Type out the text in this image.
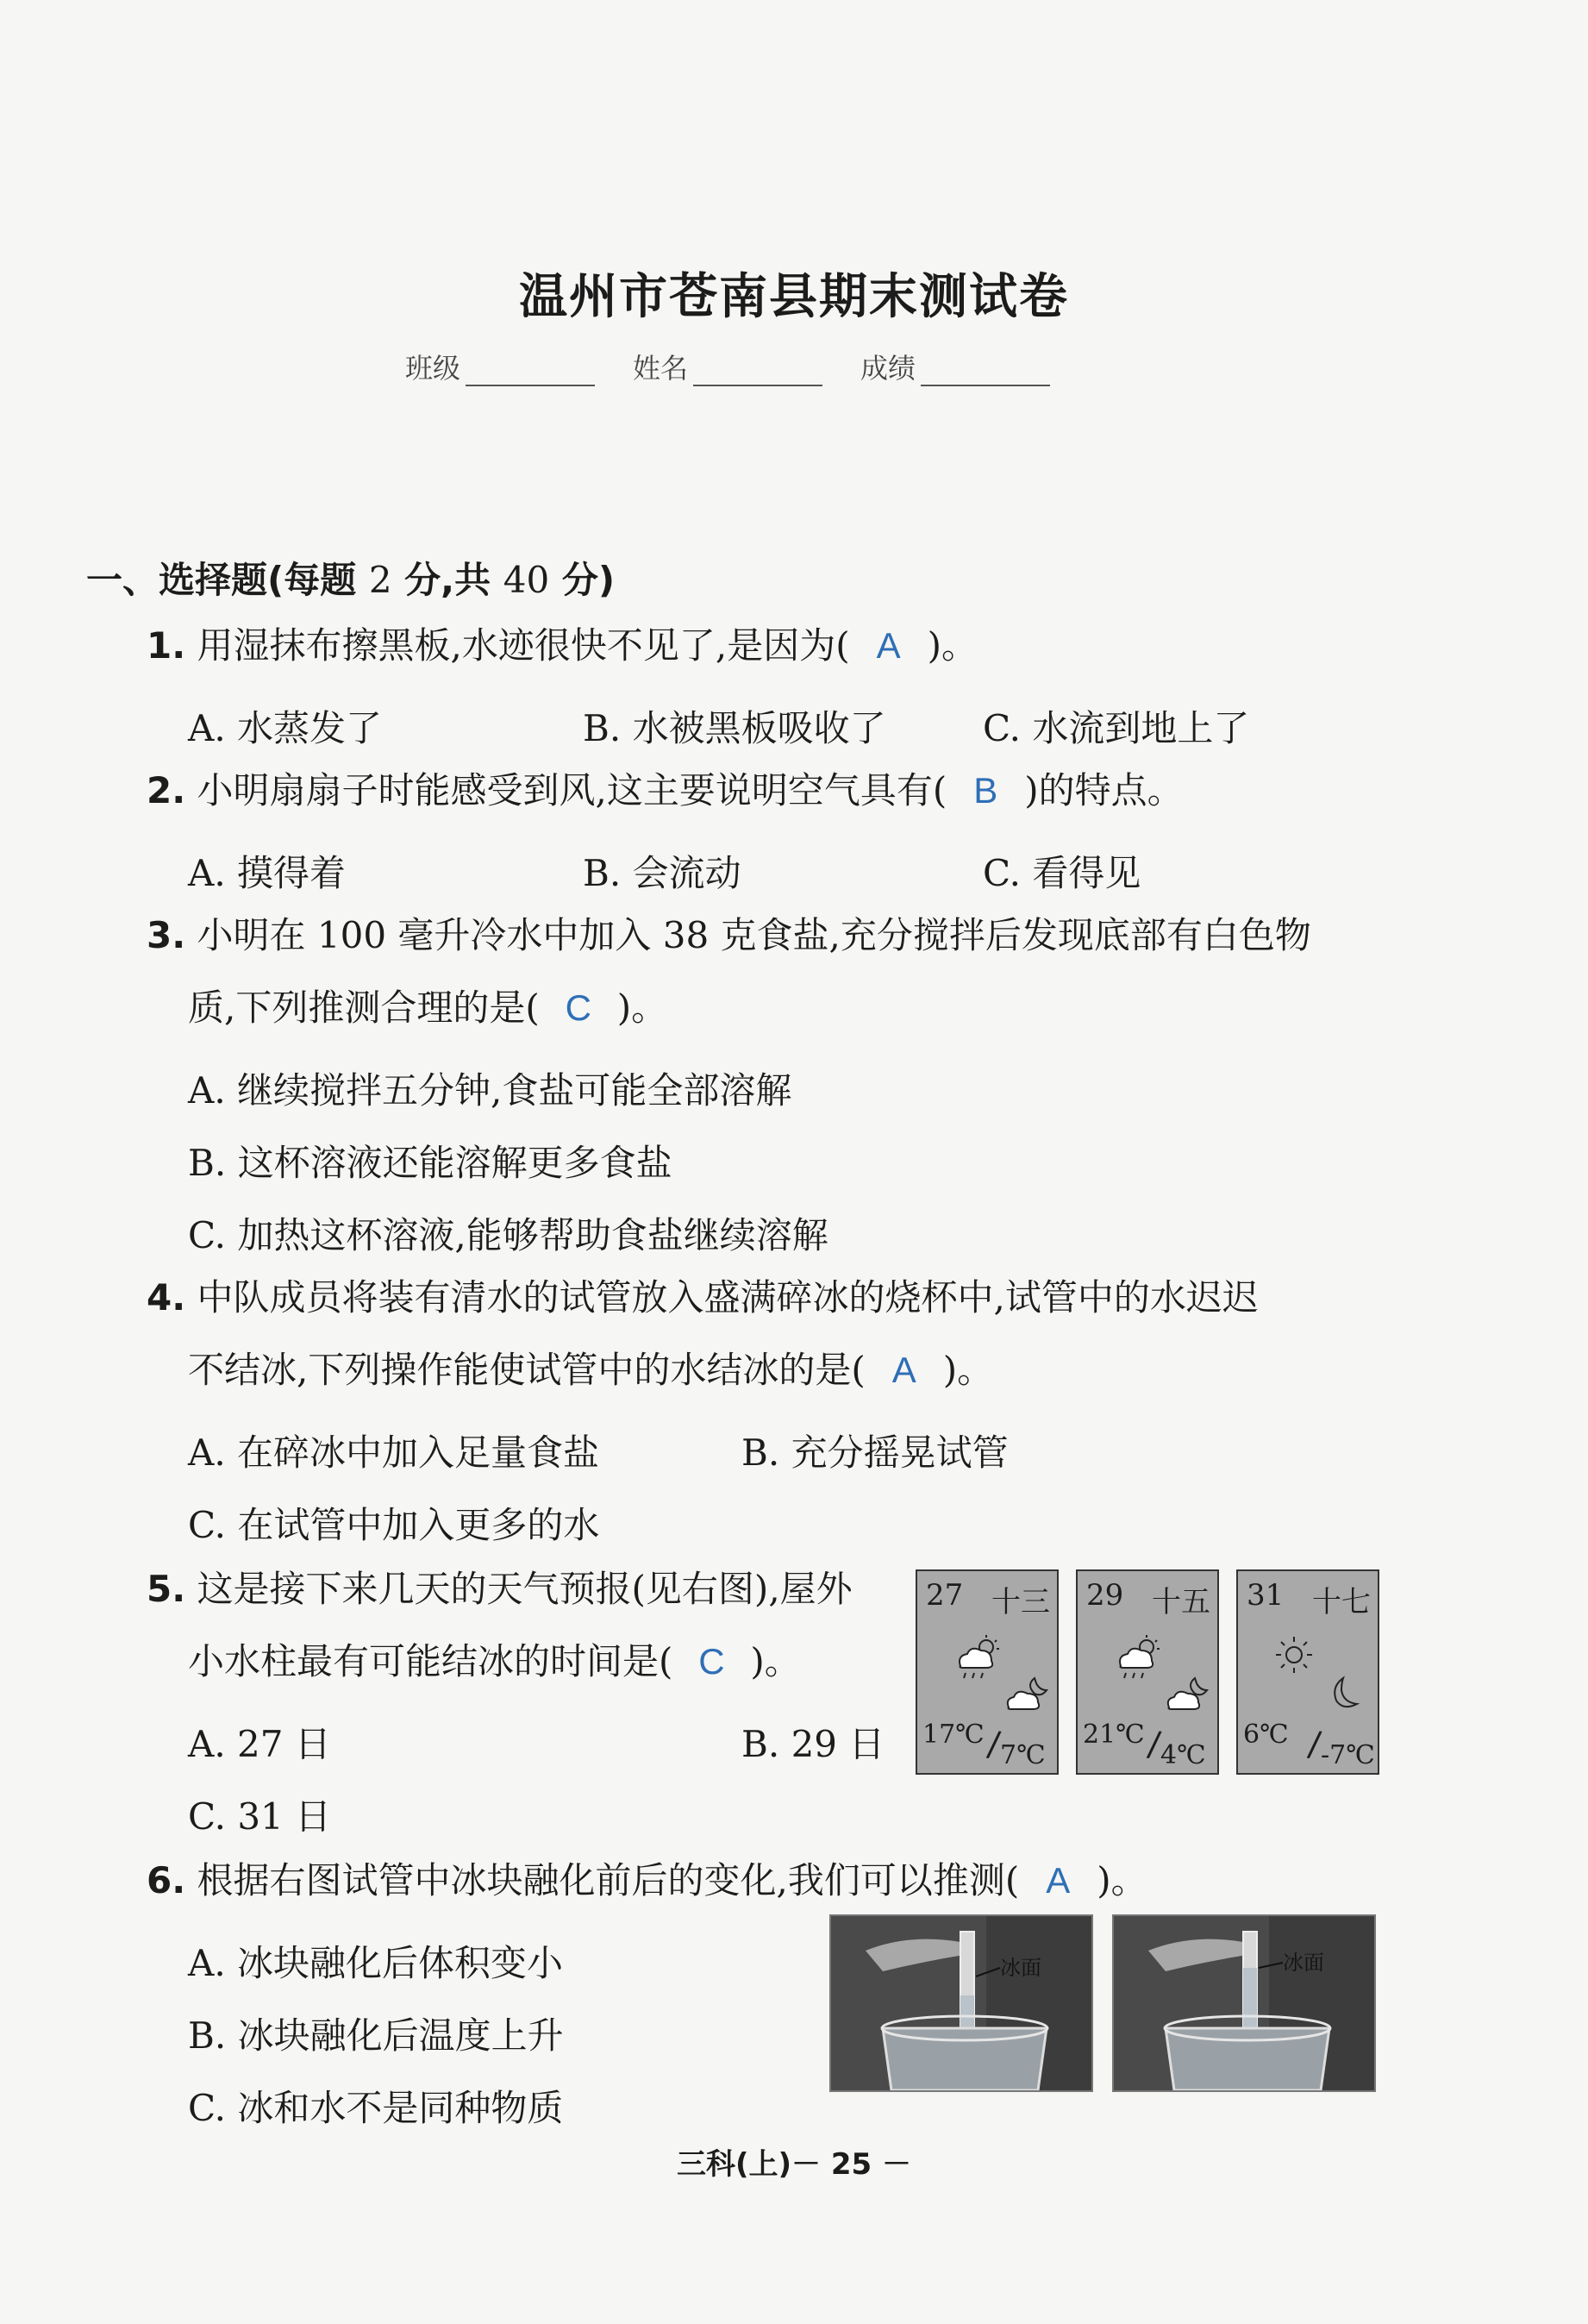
温州市苍南县期末测试卷
班级	姓名	成绩
一、选择题(每题 2 分,共 40 分)
1. 用湿抹布擦黑板,水迹很快不见了,是因为( A )。
A. 水蒸发了	B. 水被黑板吸收了	C. 水流到地上了
2. 小明扇扇子时能感受到风,这主要说明空气具有( B )的特点。
A. 摸得着	B. 会流动	C. 看得见
3. 小明在 100 毫升冷水中加入 38 克食盐,充分搅拌后发现底部有白色物
质,下列推测合理的是( C )。
A. 继续搅拌五分钟,食盐可能全部溶解
B. 这杯溶液还能溶解更多食盐
C. 加热这杯溶液,能够帮助食盐继续溶解
4. 中队成员将装有清水的试管放入盛满碎冰的烧杯中,试管中的水迟迟
不结冰,下列操作能使试管中的水结冰的是( A )。
A. 在碎冰中加入足量食盐	B. 充分摇晃试管
C. 在试管中加入更多的水
5. 这是接下来几天的天气预报(见右图),屋外
小水柱最有可能结冰的时间是( C )。
A. 27 日	B. 29 日
C. 31 日
27 十三
17℃ /
7℃
29 十五
21℃ /
4℃
31 十七
6℃ /
-7℃
6. 根据右图试管中冰块融化前后的变化,我们可以推测( A )。
A. 冰块融化后体积变小
B. 冰块融化后温度上升
C. 冰和水不是同种物质
冰面	冰面
三科(上)－ 25 －
